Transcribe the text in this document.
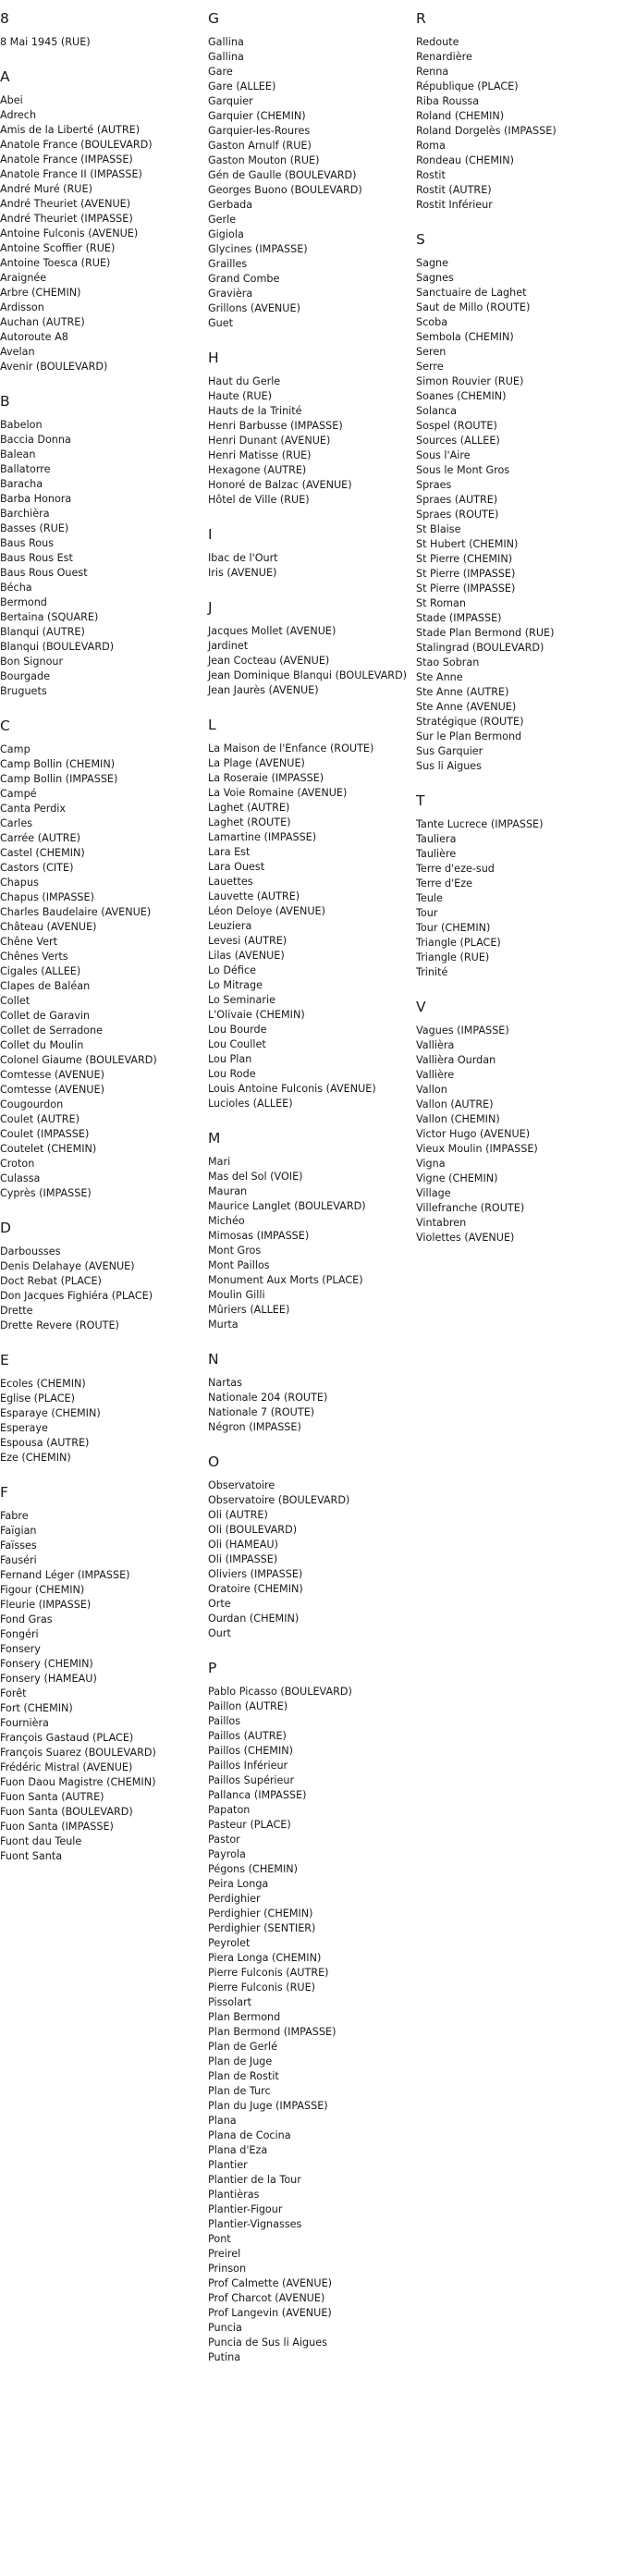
8
8 Mai 1945 (RUE)
A
Abei
Adrech
Amis de la Liberté (AUTRE)
Anatole France (BOULEVARD)
Anatole France (IMPASSE)
Anatole France II (IMPASSE)
André Muré (RUE)
André Theuriet (AVENUE)
André Theuriet (IMPASSE)
Antoine Fulconis (AVENUE)
Antoine Scoffier (RUE)
Antoine Toesca (RUE)
Araignée
Arbre (CHEMIN)
Ardisson
Auchan (AUTRE)
Autoroute A8
Avelan
Avenir (BOULEVARD)
B
Babelon
Baccia Donna
Balean
Ballatorre
Baracha
Barba Honora
Barchièra
Basses (RUE)
Baus Rous
Baus Rous Est
Baus Rous Ouest
Bécha
Bermond
Bertaina (SQUARE)
Blanqui (AUTRE)
Blanqui (BOULEVARD)
Bon Signour
Bourgade
Bruguets
C
Camp
Camp Bollin (CHEMIN)
Camp Bollin (IMPASSE)
Campé
Canta Perdix
Carles
Carrée (AUTRE)
Castel (CHEMIN)
Castors (CITE)
Chapus
Chapus (IMPASSE)
Charles Baudelaire (AVENUE)
Château (AVENUE)
Chêne Vert
Chênes Verts
Cigales (ALLEE)
Clapes de Baléan
Collet
Collet de Garavin
Collet de Serradone
Collet du Moulin
Colonel Giaume (BOULEVARD)
Comtesse (AVENUE)
Comtesse (AVENUE)
Cougourdon
Coulet (AUTRE)
Coulet (IMPASSE)
Coutelet (CHEMIN)
Croton
Culassa
Cyprès (IMPASSE)
D
Darbousses
Denis Delahaye (AVENUE)
Doct Rebat (PLACE)
Don Jacques Fighiéra (PLACE)
Drette
Drette Revere (ROUTE)
E
Ecoles (CHEMIN)
Eglise (PLACE)
Esparaye (CHEMIN)
Esperaye
Espousa (AUTRE)
Eze (CHEMIN)
F
Fabre
Faïgian
Faïsses
Fauséri
Fernand Léger (IMPASSE)
Figour (CHEMIN)
Fleurie (IMPASSE)
Fond Gras
Fongéri
Fonsery
Fonsery (CHEMIN)
Fonsery (HAMEAU)
Forêt
Fort (CHEMIN)
Fournièra
François Gastaud (PLACE)
François Suarez (BOULEVARD)
Frédéric Mistral (AVENUE)
Fuon Daou Magistre (CHEMIN)
Fuon Santa (AUTRE)
Fuon Santa (BOULEVARD)
Fuon Santa (IMPASSE)
Fuont dau Teule
Fuont Santa
G
Gallina
Gallina
Gare
Gare (ALLEE)
Garquier
Garquier (CHEMIN)
Garquier-les-Roures
Gaston Arnulf (RUE)
Gaston Mouton (RUE)
Gén de Gaulle (BOULEVARD)
Georges Buono (BOULEVARD)
Gerbada
Gerle
Gigiola
Glycines (IMPASSE)
Grailles
Grand Combe
Gravièra
Grillons (AVENUE)
Guet
H
Haut du Gerle
Haute (RUE)
Hauts de la Trinité
Henri Barbusse (IMPASSE)
Henri Dunant (AVENUE)
Henri Matisse (RUE)
Hexagone (AUTRE)
Honoré de Balzac (AVENUE)
Hôtel de Ville (RUE)
I
Ibac de l'Ourt
Iris (AVENUE)
J
Jacques Mollet (AVENUE)
Jardinet
Jean Cocteau (AVENUE)
Jean Dominique Blanqui (BOULEVARD)
Jean Jaurès (AVENUE)
L
La Maison de l'Enfance (ROUTE)
La Plage (AVENUE)
La Roseraie (IMPASSE)
La Voie Romaine (AVENUE)
Laghet (AUTRE)
Laghet (ROUTE)
Lamartine (IMPASSE)
Lara Est
Lara Ouest
Lauettes
Lauvette (AUTRE)
Léon Deloye (AVENUE)
Leuziera
Levesi (AUTRE)
Lilas (AVENUE)
Lo Défice
Lo Mitrage
Lo Seminarie
L'Olivaie (CHEMIN)
Lou Bourde
Lou Coullet
Lou Plan
Lou Rode
Louis Antoine Fulconis (AVENUE)
Lucioles (ALLEE)
M
Mari
Mas del Sol (VOIE)
Mauran
Maurice Langlet (BOULEVARD)
Michéo
Mimosas (IMPASSE)
Mont Gros
Mont Paillos
Monument Aux Morts (PLACE)
Moulin Gilli
Mûriers (ALLEE)
Murta
N
Nartas
Nationale 204 (ROUTE)
Nationale 7 (ROUTE)
Négron (IMPASSE)
O
Observatoire
Observatoire (BOULEVARD)
Oli (AUTRE)
Oli (BOULEVARD)
Oli (HAMEAU)
Oli (IMPASSE)
Oliviers (IMPASSE)
Oratoire (CHEMIN)
Orte
Ourdan (CHEMIN)
Ourt
P
Pablo Picasso (BOULEVARD)
Paillon (AUTRE)
Paillos
Paillos (AUTRE)
Paillos (CHEMIN)
Paillos Inférieur
Paillos Supérieur
Pallanca (IMPASSE)
Papaton
Pasteur (PLACE)
Pastor
Payrola
Pégons (CHEMIN)
Peira Longa
Perdighier
Perdighier (CHEMIN)
Perdighier (SENTIER)
Peyrolet
Piera Longa (CHEMIN)
Pierre Fulconis (AUTRE)
Pierre Fulconis (RUE)
Pissolart
Plan Bermond
Plan Bermond (IMPASSE)
Plan de Gerlé
Plan de Juge
Plan de Rostit
Plan de Turc
Plan du Juge (IMPASSE)
Plana
Plana de Cocina
Plana d'Eza
Plantier
Plantier de la Tour
Plantièras
Plantier-Figour
Plantier-Vignasses
Pont
Preirel
Prinson
Prof Calmette (AVENUE)
Prof Charcot (AVENUE)
Prof Langevin (AVENUE)
Puncia
Puncia de Sus li Aigues
Putina
R
Redoute
Renardière
Renna
République (PLACE)
Riba Roussa
Roland (CHEMIN)
Roland Dorgelès (IMPASSE)
Roma
Rondeau (CHEMIN)
Rostit
Rostit (AUTRE)
Rostit Inférieur
S
Sagne
Sagnes
Sanctuaire de Laghet
Saut de Millo (ROUTE)
Scoba
Sembola (CHEMIN)
Seren
Serre
Simon Rouvier (RUE)
Soanes (CHEMIN)
Solanca
Sospel (ROUTE)
Sources (ALLEE)
Sous l'Aire
Sous le Mont Gros
Spraes
Spraes (AUTRE)
Spraes (ROUTE)
St Blaise
St Hubert (CHEMIN)
St Pierre (CHEMIN)
St Pierre (IMPASSE)
St Pierre (IMPASSE)
St Roman
Stade (IMPASSE)
Stade Plan Bermond (RUE)
Stalingrad (BOULEVARD)
Stao Sobran
Ste Anne
Ste Anne (AUTRE)
Ste Anne (AVENUE)
Stratégique (ROUTE)
Sur le Plan Bermond
Sus Garquier
Sus li Aigues
T
Tante Lucrece (IMPASSE)
Tauliera
Taulière
Terre d'eze-sud
Terre d'Eze
Teule
Tour
Tour (CHEMIN)
Triangle (PLACE)
Triangle (RUE)
Trinité
V
Vagues (IMPASSE)
Vallièra
Vallièra Ourdan
Vallière
Vallon
Vallon (AUTRE)
Vallon (CHEMIN)
Victor Hugo (AVENUE)
Vieux Moulin (IMPASSE)
Vigna
Vigne (CHEMIN)
Village
Villefranche (ROUTE)
Vintabren
Violettes (AVENUE)
